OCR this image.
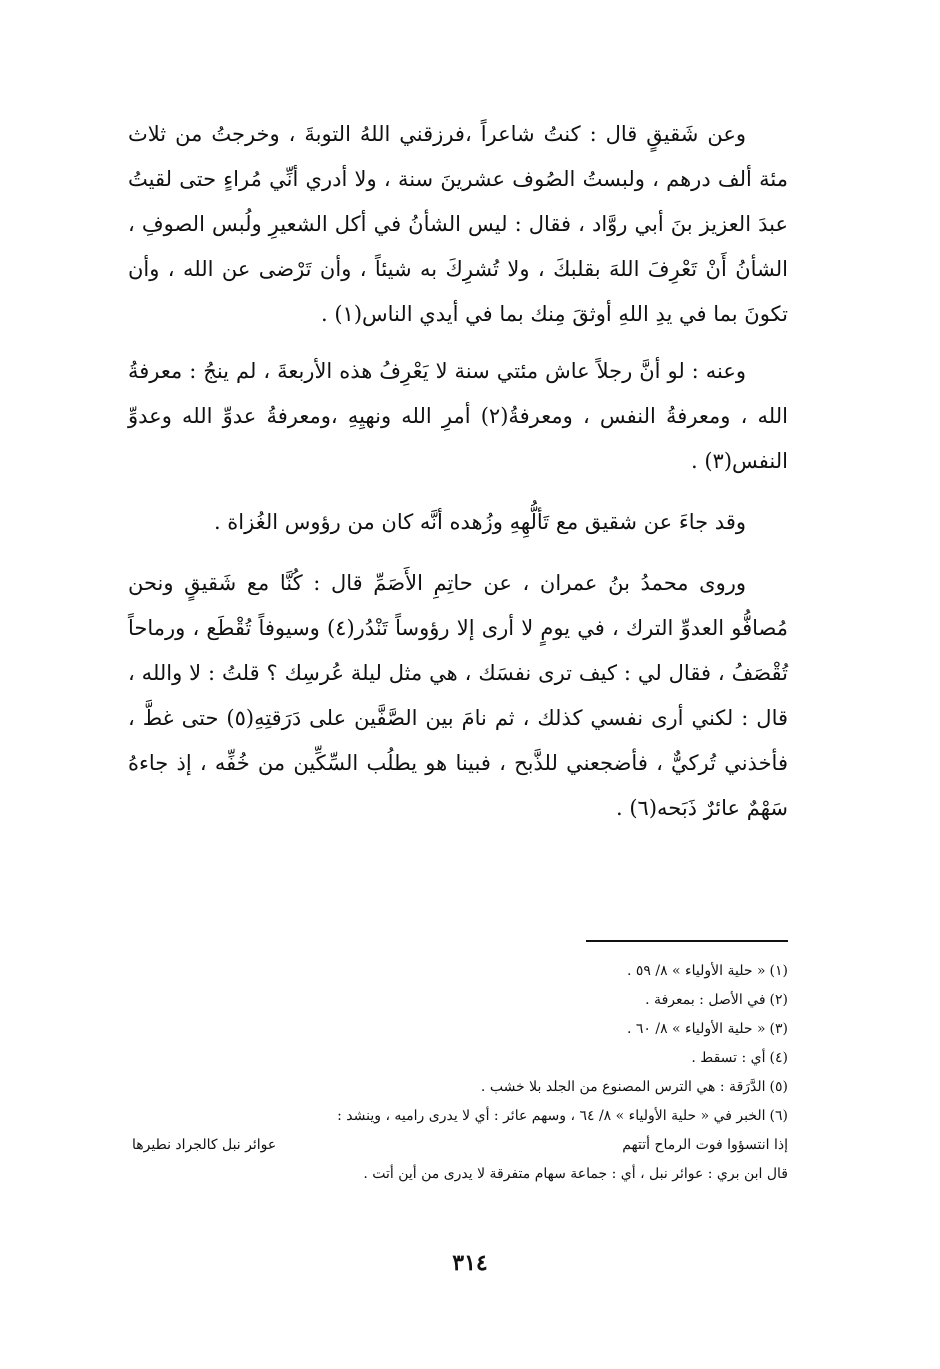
وعن شَقيقٍ قال : كنتُ شاعراً ،فرزقني اللهُ التوبةَ ، وخرجتُ من ثلاث مئة ألف درهم ، ولبستُ الصُوف عشرينَ سنة ، ولا أدري أنِّي مُراءٍ حتى لقيتُ عبدَ العزيز بنَ أبي روَّاد ، فقال : ليس الشأنُ في أكل الشعيرِ ولُبس الصوفِ ، الشأنُ أَنْ تَعْرِفَ اللهَ بقلبكَ ، ولا تُشرِكَ به شيئاً ، وأن تَرْضى عن الله ، وأن تكونَ بما في يدِ اللهِ أوثقَ مِنك بما في أيدي الناس(١) .

وعنه : لو أنَّ رجلاً عاش مئتي سنة لا يَعْرِفُ هذه الأربعةَ ، لم ينجُ : معرفةُ الله ، ومعرفةُ النفس ، ومعرفةُ(٢) أمرِ الله ونهيِهِ ،ومعرفةُ عدوِّ الله وعدوِّ النفس(٣) .

وقد جاءَ عن شقيق مع تَألُّهِهِ وزُهده أنَّه كان من رؤوس الغُزاة .

وروى محمدُ بنُ عمران ، عن حاتِمِ الأَصَمِّ قال : كُنَّا مع شَقيقٍ ونحن مُصافُّو العدوِّ الترك ، في يومٍ لا أرى إلا رؤوساً تَنْدُر(٤) وسيوفاً تُقْطَع ، ورماحاً تُقْصَفُ ، فقال لي : كيف ترى نفسَك ، هي مثل ليلة عُرسِك ؟ قلتُ : لا والله ، قال : لكني أرى نفسي كذلك ، ثم نامَ بين الصَّفَّين على دَرَقتِهِ(٥) حتى غطَّ ، فأخذني تُركيٌّ ، فأضجعني للذَّبح ، فبينا هو يطلُب السِّكِّين من خُفِّه ، إذ جاءهُ سَهْمٌ عائرٌ ذَبَحه(٦) .

(١)« حلية الأولياء » ٨/ ٥٩ .
(٢)في الأصل : بمعرفة .
(٣)« حلية الأولياء » ٨/ ٦٠ .
(٤)أي : تسقط .
(٥)الدَّرَقة : هي الترس المصنوع من الجلد بلا خشب .
(٦)الخبر في « حلية الأولياء » ٨/ ٦٤ ، وسهم عائر : أي لا يدرى راميه ، وينشد :
إذا انتسؤوا فوت الرماح أتتهم
عوائر نبل كالجراد نطيرها
قال ابن بري : عوائر نبل ، أي : جماعة سهام متفرقة لا يدرى من أين أتت .
٣١٤
